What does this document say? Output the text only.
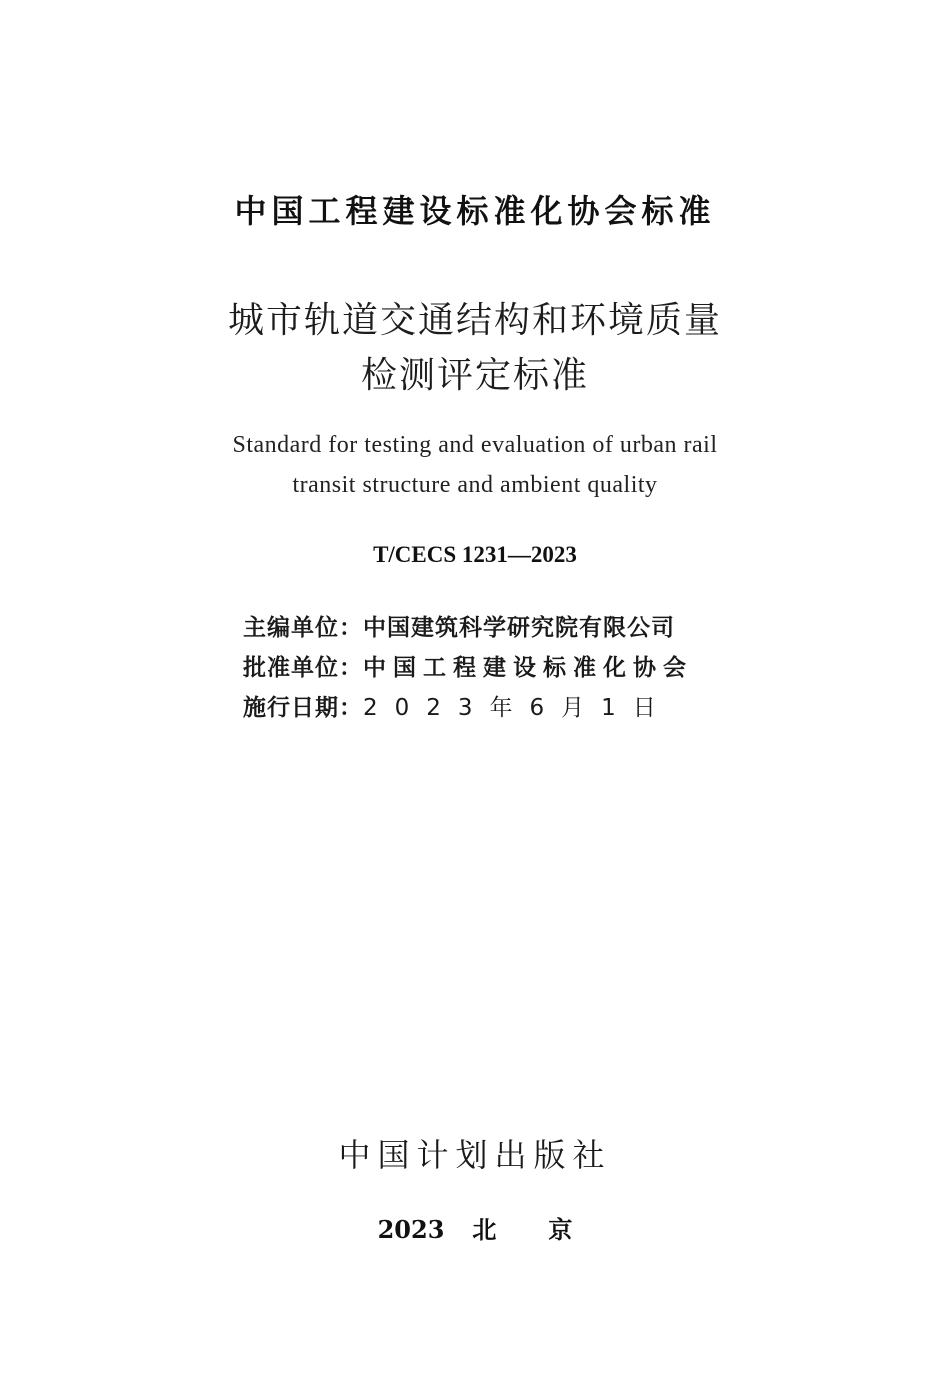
中国工程建设标准化协会标准
城市轨道交通结构和环境质量
检测评定标准
Standard for testing and evaluation of urban rail
transit structure and ambient quality
T/CECS 1231—2023
主编单位：中国建筑科学研究院有限公司
批准单位：中国工程建设标准化协会
施行日期：2023年6月1日
中国计划出版社
2023 北 京
